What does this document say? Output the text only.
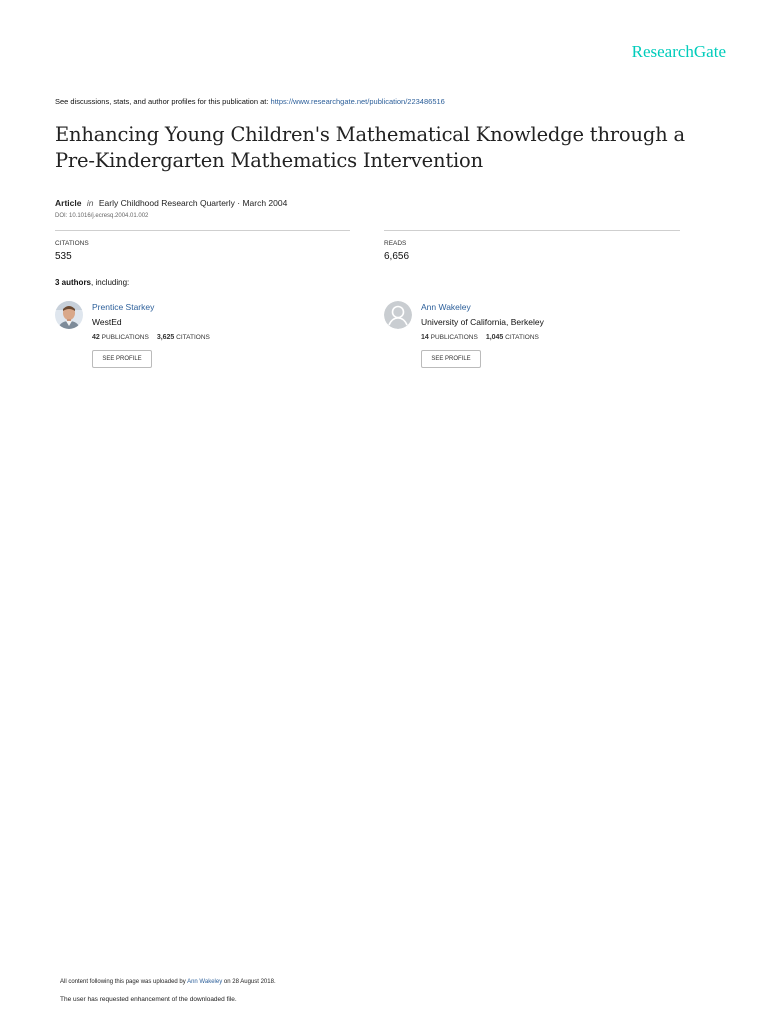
ResearchGate
See discussions, stats, and author profiles for this publication at: https://www.researchgate.net/publication/223486516
Enhancing Young Children's Mathematical Knowledge through a Pre-Kindergarten Mathematics Intervention
Article in Early Childhood Research Quarterly · March 2004
DOI: 10.1016/j.ecresq.2004.01.002
CITATIONS
535
READS
6,656
3 authors, including:
Prentice Starkey
WestEd
42 PUBLICATIONS 3,625 CITATIONS
SEE PROFILE
Ann Wakeley
University of California, Berkeley
14 PUBLICATIONS 1,045 CITATIONS
SEE PROFILE
All content following this page was uploaded by Ann Wakeley on 28 August 2018.
The user has requested enhancement of the downloaded file.
